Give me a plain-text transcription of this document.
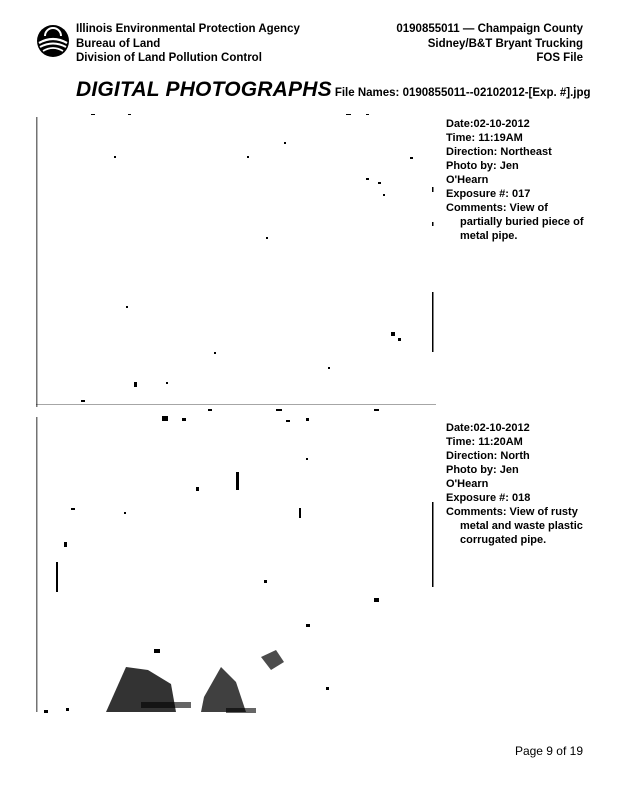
Illinois Environmental Protection Agency
Bureau of Land
Division of Land Pollution Control
0190855011 — Champaign County
Sidney/B&T Bryant Trucking
FOS File
DIGITAL PHOTOGRAPHS File Names: 0190855011--02102012-[Exp. #].jpg
Date:02-10-2012
Time: 11:19AM
Direction: Northeast
Photo by: Jen
O'Hearn
Exposure #: 017
Comments: View of partially buried piece of metal pipe.
Date:02-10-2012
Time: 11:20AM
Direction: North
Photo by: Jen
O'Hearn
Exposure #: 018
Comments: View of rusty metal and waste plastic corrugated pipe.
Page 9 of 19
